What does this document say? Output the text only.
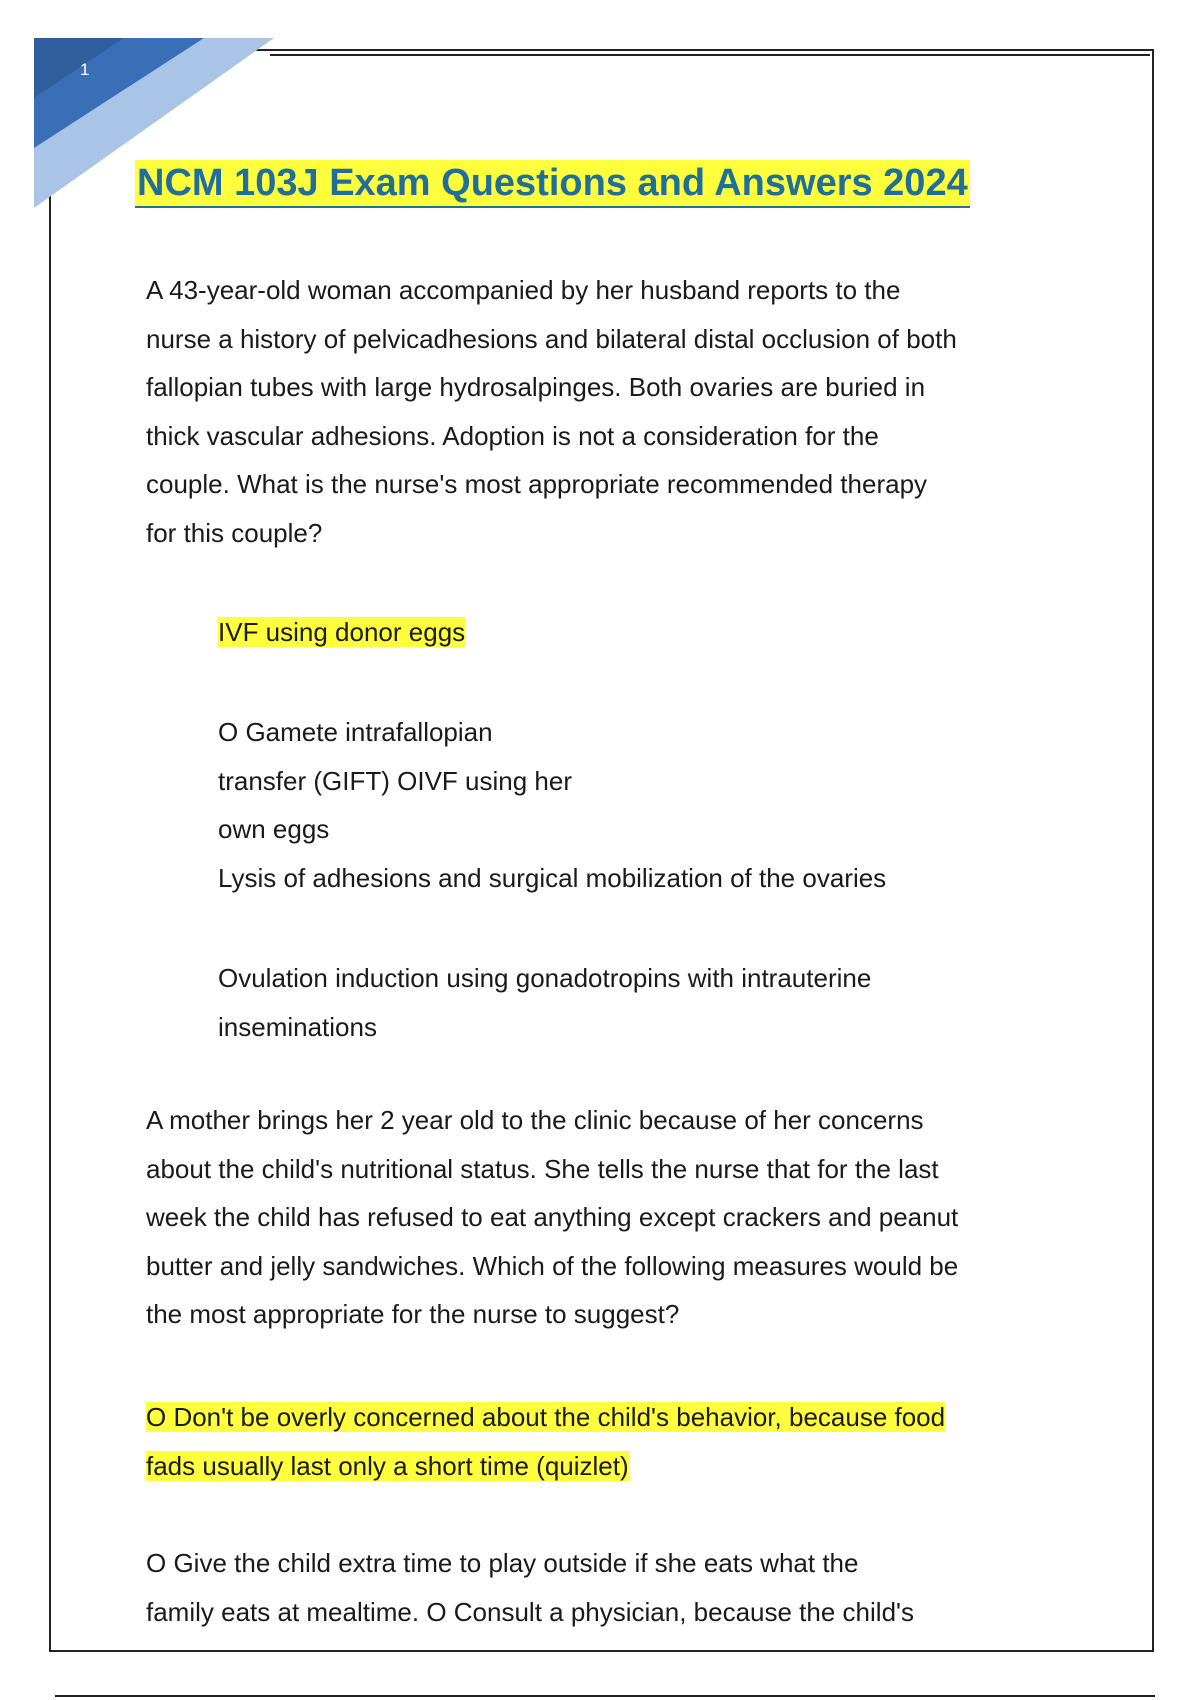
1
NCM 103J Exam Questions and Answers 2024
A 43-year-old woman accompanied by her husband reports to the
nurse a history of pelvicadhesions and bilateral distal occlusion of both
fallopian tubes with large hydrosalpinges. Both ovaries are buried in
thick vascular adhesions. Adoption is not a consideration for the
couple. What is the nurse's most appropriate recommended therapy
for this couple?
IVF using donor eggs
O Gamete intrafallopian
transfer (GIFT) OIVF using her
own eggs
Lysis of adhesions and surgical mobilization of the ovaries
Ovulation induction using gonadotropins with intrauterine
inseminations
A mother brings her 2 year old to the clinic because of her concerns
about the child's nutritional status. She tells the nurse that for the last
week the child has refused to eat anything except crackers and peanut
butter and jelly sandwiches. Which of the following measures would be
the most appropriate for the nurse to suggest?
O Don't be overly concerned about the child's behavior, because food
fads usually last only a short time (quizlet)
O Give the child extra time to play outside if she eats what the
family eats at mealtime. O Consult a physician, because the child's
